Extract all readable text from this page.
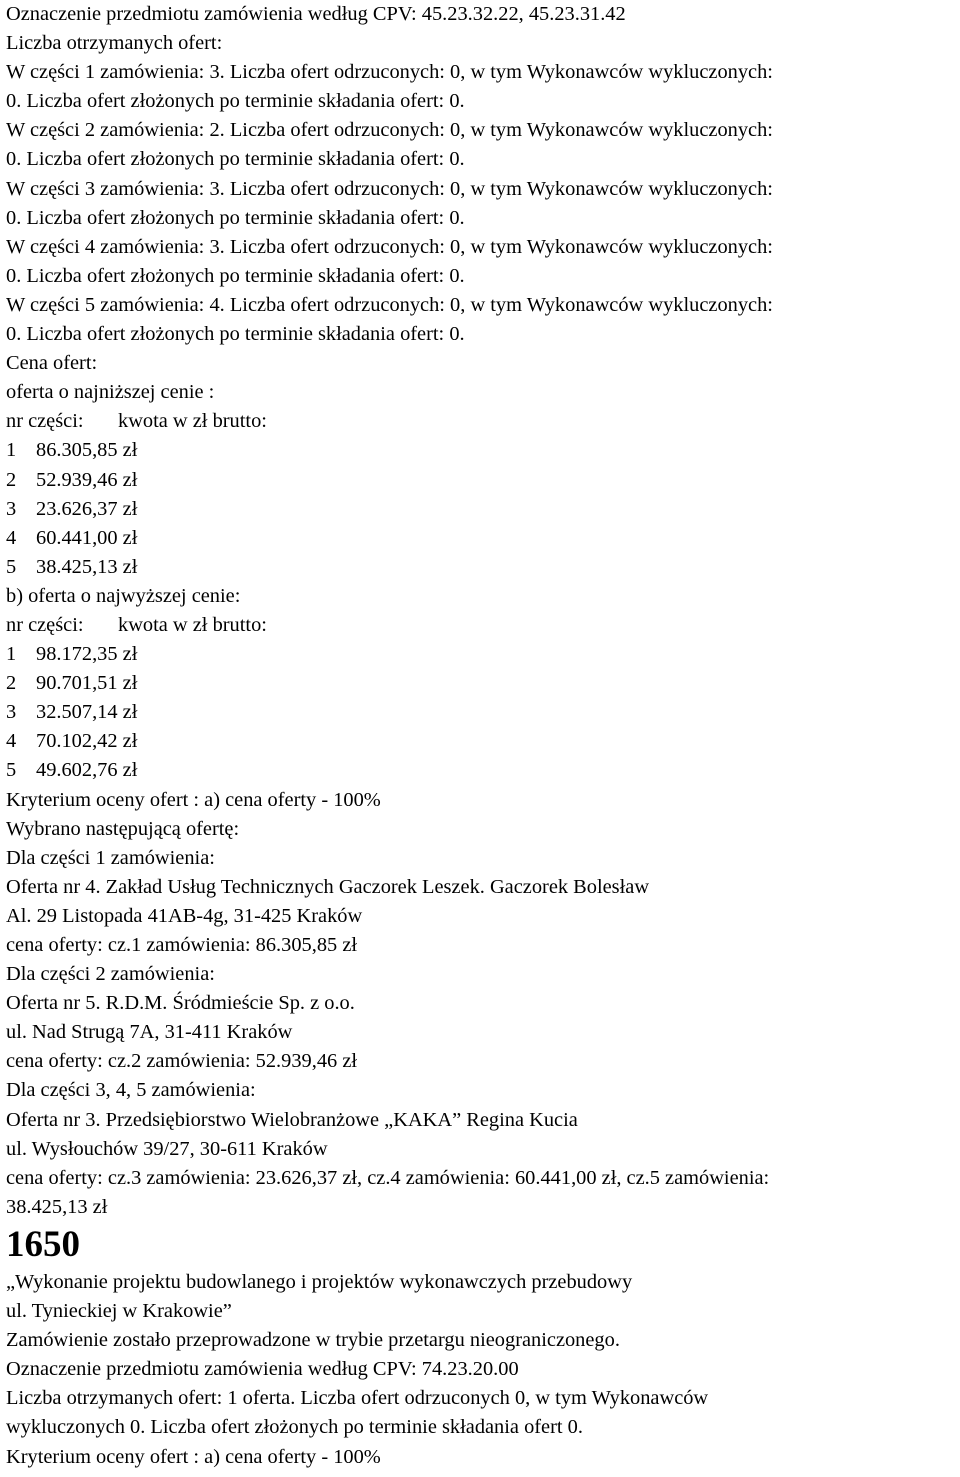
Oznaczenie przedmiotu zamówienia według CPV: 45.23.32.22, 45.23.31.42
Liczba otrzymanych ofert:
W części 1 zamówienia: 3. Liczba ofert odrzuconych: 0, w tym Wykonawców wykluczonych:
0. Liczba ofert złożonych po terminie składania ofert: 0.
W części 2 zamówienia: 2. Liczba ofert odrzuconych: 0, w tym Wykonawców wykluczonych:
0. Liczba ofert złożonych po terminie składania ofert: 0.
W części 3 zamówienia: 3. Liczba ofert odrzuconych: 0, w tym Wykonawców wykluczonych:
0. Liczba ofert złożonych po terminie składania ofert: 0.
W części 4 zamówienia: 3. Liczba ofert odrzuconych: 0, w tym Wykonawców wykluczonych:
0. Liczba ofert złożonych po terminie składania ofert: 0.
W części 5 zamówienia: 4. Liczba ofert odrzuconych: 0, w tym Wykonawców wykluczonych:
0. Liczba ofert złożonych po terminie składania ofert: 0.
Cena ofert:
oferta o najniższej cenie :
nr części:	kwota w zł brutto:
1 86.305,85 zł
2 52.939,46 zł
3 23.626,37 zł
4 60.441,00 zł
5 38.425,13 zł
b) oferta o najwyższej cenie:
nr części:	kwota w zł brutto:
1 98.172,35 zł
2 90.701,51 zł
3 32.507,14 zł
4 70.102,42 zł
5 49.602,76 zł
Kryterium oceny ofert : a) cena oferty - 100%
Wybrano następującą ofertę:
Dla części 1 zamówienia:
Oferta nr 4. Zakład Usług Technicznych Gaczorek Leszek. Gaczorek Bolesław
Al. 29 Listopada 41AB-4g, 31-425 Kraków
cena oferty: cz.1 zamówienia: 86.305,85 zł
Dla części 2 zamówienia:
Oferta nr 5. R.D.M. Śródmieście Sp. z o.o.
ul. Nad Strugą 7A, 31-411 Kraków
cena oferty: cz.2 zamówienia: 52.939,46 zł
Dla części 3, 4, 5 zamówienia:
Oferta nr 3. Przedsiębiorstwo Wielobranżowe „KAKA” Regina Kucia
ul. Wysłouchów 39/27, 30-611 Kraków
cena oferty: cz.3 zamówienia: 23.626,37 zł, cz.4 zamówienia: 60.441,00 zł, cz.5 zamówienia:
38.425,13 zł
1650
„Wykonanie projektu budowlanego i projektów wykonawczych przebudowy
ul. Tynieckiej w Krakowie”
Zamówienie zostało przeprowadzone w trybie przetargu nieograniczonego.
Oznaczenie przedmiotu zamówienia według CPV: 74.23.20.00
Liczba otrzymanych ofert: 1 oferta. Liczba ofert odrzuconych 0, w tym Wykonawców
wykluczonych 0. Liczba ofert złożonych po terminie składania ofert 0.
Kryterium oceny ofert : a) cena oferty - 100%
